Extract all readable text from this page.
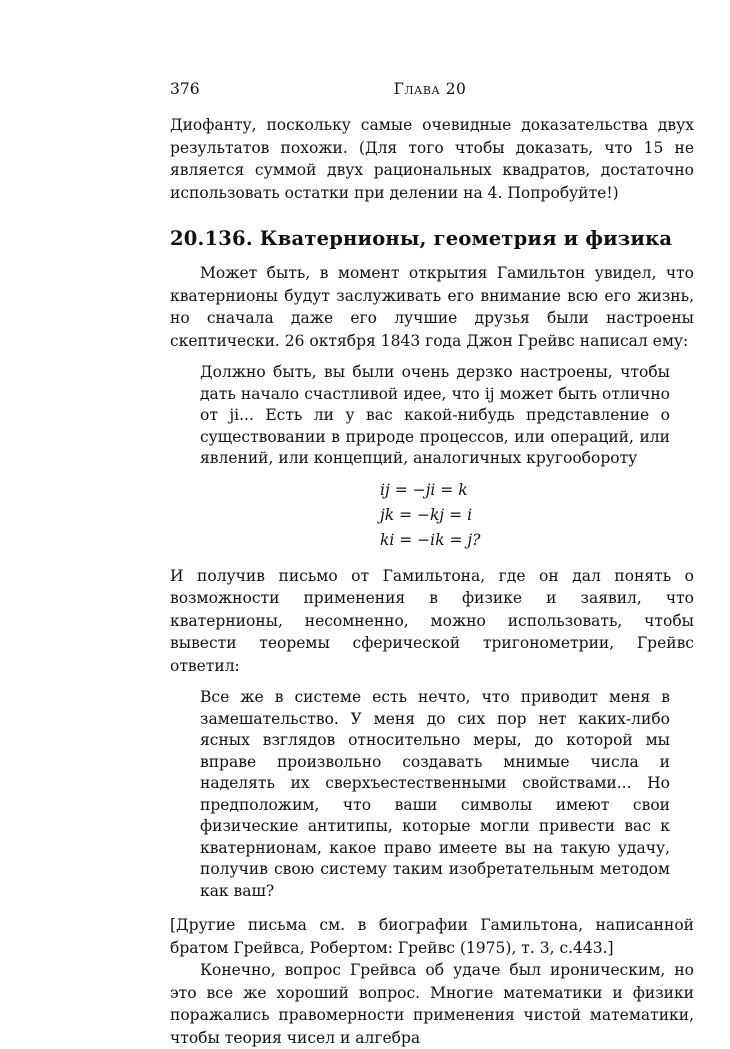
376	Глава 20

Диофанту, поскольку самые очевидные доказательства двух результатов похожи. (Для того чтобы доказать, что 15 не является суммой двух рациональных квадратов, достаточно использовать остатки при делении на 4. Попробуйте!)

20.136. Кватернионы, геометрия и физика

Может быть, в момент открытия Гамильтон увидел, что кватернионы будут заслуживать его внимание всю его жизнь, но сначала даже его лучшие друзья были настроены скептически. 26 октября 1843 года Джон Грейвс написал ему:

Должно быть, вы были очень дерзко настроены, чтобы дать начало счастливой идее, что ij может быть отлично от ji... Есть ли у вас какой-нибудь представление о существовании в природе процессов, или операций, или явлений, или концепций, аналогичных кругообороту

ij = −ji = k
jk = −kj = i
ki = −ik = j?

И получив письмо от Гамильтона, где он дал понять о возможности применения в физике и заявил, что кватернионы, несомненно, можно использовать, чтобы вывести теоремы сферической тригонометрии, Грейвс ответил:

Все же в системе есть нечто, что приводит меня в замешательство. У меня до сих пор нет каких-либо ясных взглядов относительно меры, до которой мы вправе произвольно создавать мнимые числа и наделять их сверхъестественными свойствами... Но предположим, что ваши символы имеют свои физические антитипы, которые могли привести вас к кватернионам, какое право имеете вы на такую удачу, получив свою систему таким изобретательным методом как ваш?

[Другие письма см. в биографии Гамильтона, написанной братом Грейвса, Робертом: Грейвс (1975), т. 3, с.443.]

Конечно, вопрос Грейвса об удаче был ироническим, но это все же хороший вопрос. Многие математики и физики поражались правомерности применения чистой математики, чтобы теория чисел и алгебра
